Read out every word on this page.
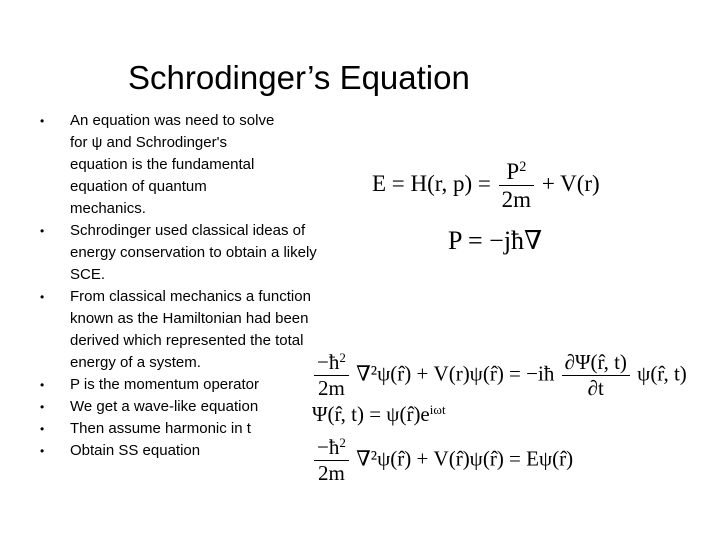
Schrodinger’s Equation
• An equation was need to solve for ψ and Schrodinger's equation is the fundamental equation of quantum mechanics.
• Schrodinger used classical ideas of energy conservation to obtain a likely SCE.
• From classical mechanics a function known as the Hamiltonian had been derived which represented the total energy of a system.
• P is the momentum operator
• We get a wave-like equation
• Then assume harmonic in t
• Obtain SS equation
E = H(r, $p) = \frac{P^2}{2m} + V(r)$
P = −jħ∇
$\frac{-ħ^2}{2m}$ ∇²ψ(r̂) + V(r)ψ(r̂) = −iħ $\frac{\partial\Psi(r̂, t)}{\partial t}$ ψ(r̂, t)
Ψ(r̂, $t) = \psi(r̂)e^{i\omega t}$
$\frac{-ħ^2}{2m}$ ∇²ψ(r̂) + V(r̂)ψ(r̂) = Eψ(r̂)
